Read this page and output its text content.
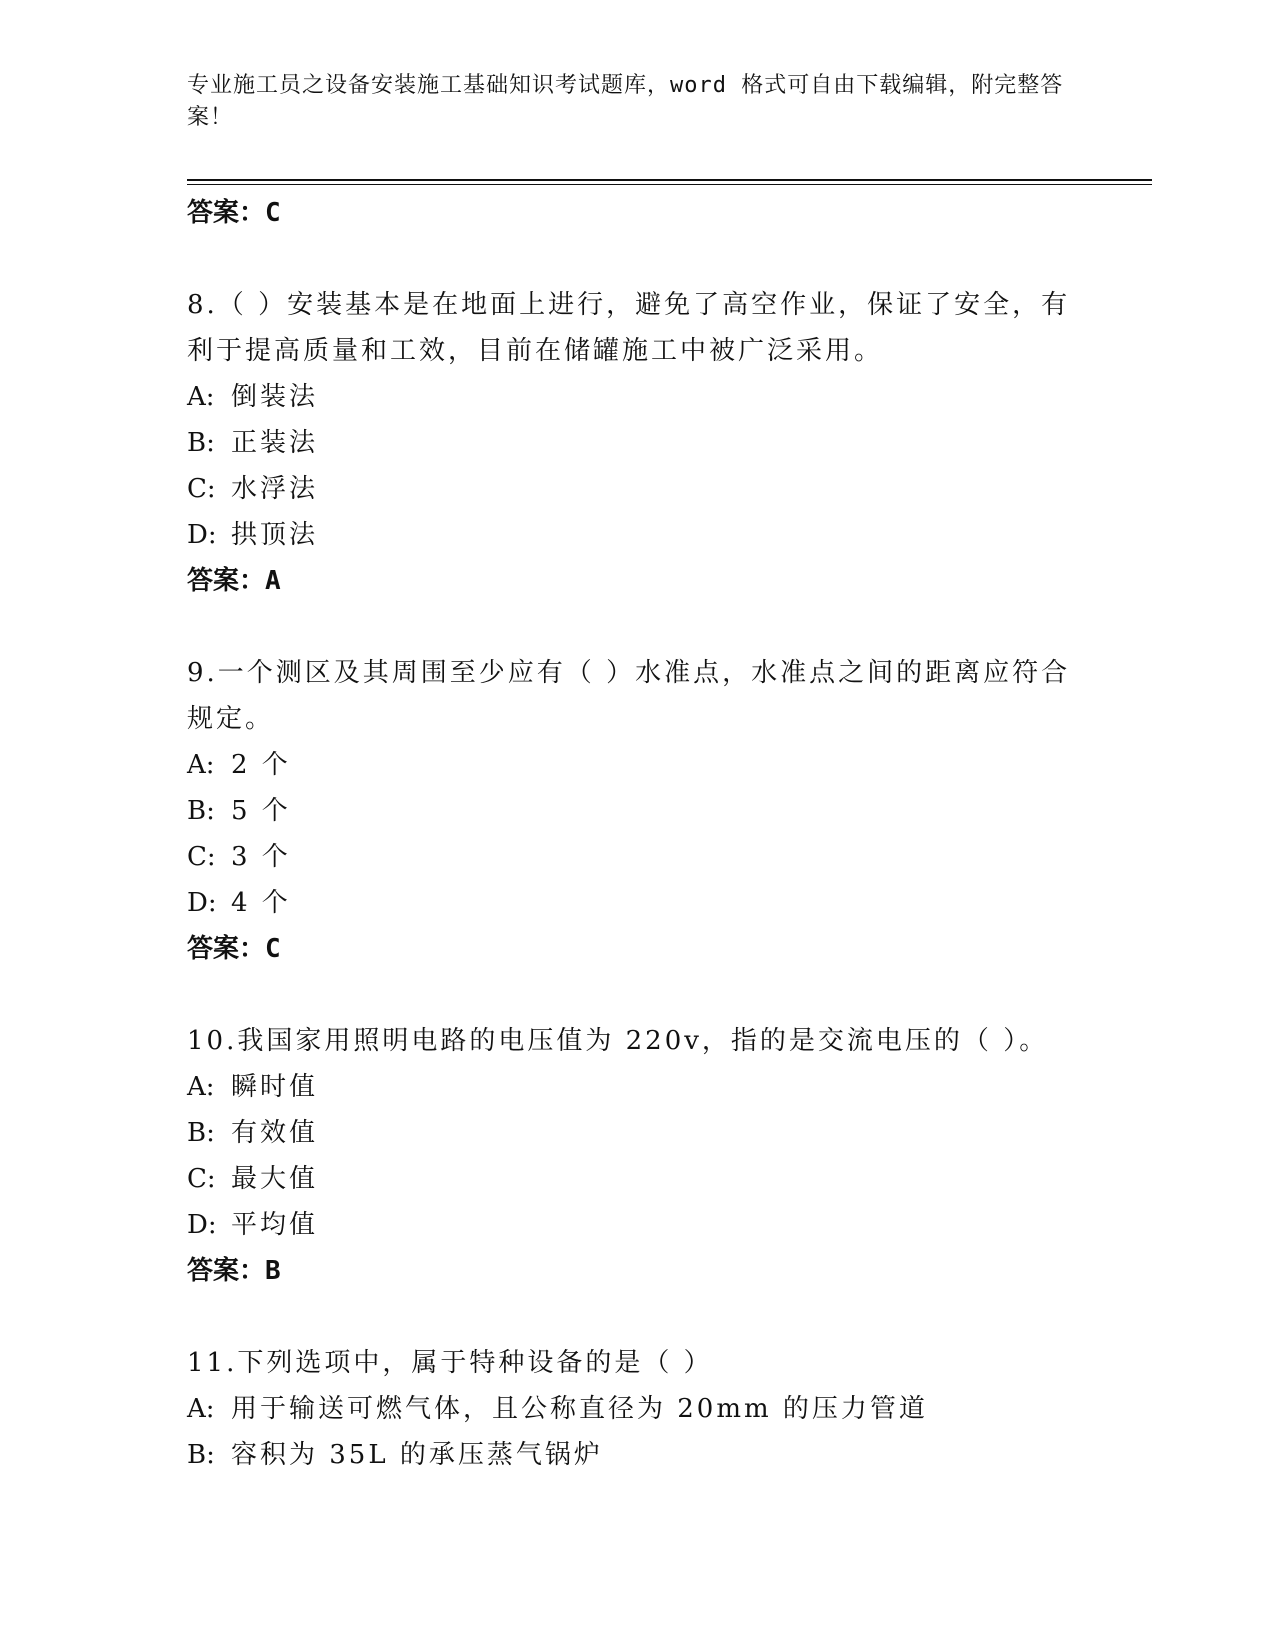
专业施工员之设备安装施工基础知识考试题库，word 格式可自由下载编辑，附完整答案！
答案：C
8.（ ）安装基本是在地面上进行，避免了高空作业，保证了安全，有利于提高质量和工效，目前在储罐施工中被广泛采用。
A: 倒装法
B: 正装法
C: 水浮法
D: 拱顶法
答案：A
9.一个测区及其周围至少应有（ ）水准点，水准点之间的距离应符合规定。
A: 2 个
B: 5 个
C: 3 个
D: 4 个
答案：C
10.我国家用照明电路的电压值为 220v，指的是交流电压的（ ）。
A: 瞬时值
B: 有效值
C: 最大值
D: 平均值
答案：B
11.下列选项中，属于特种设备的是（ ）
A: 用于输送可燃气体，且公称直径为 20mm 的压力管道
B: 容积为 35L 的承压蒸气锅炉
